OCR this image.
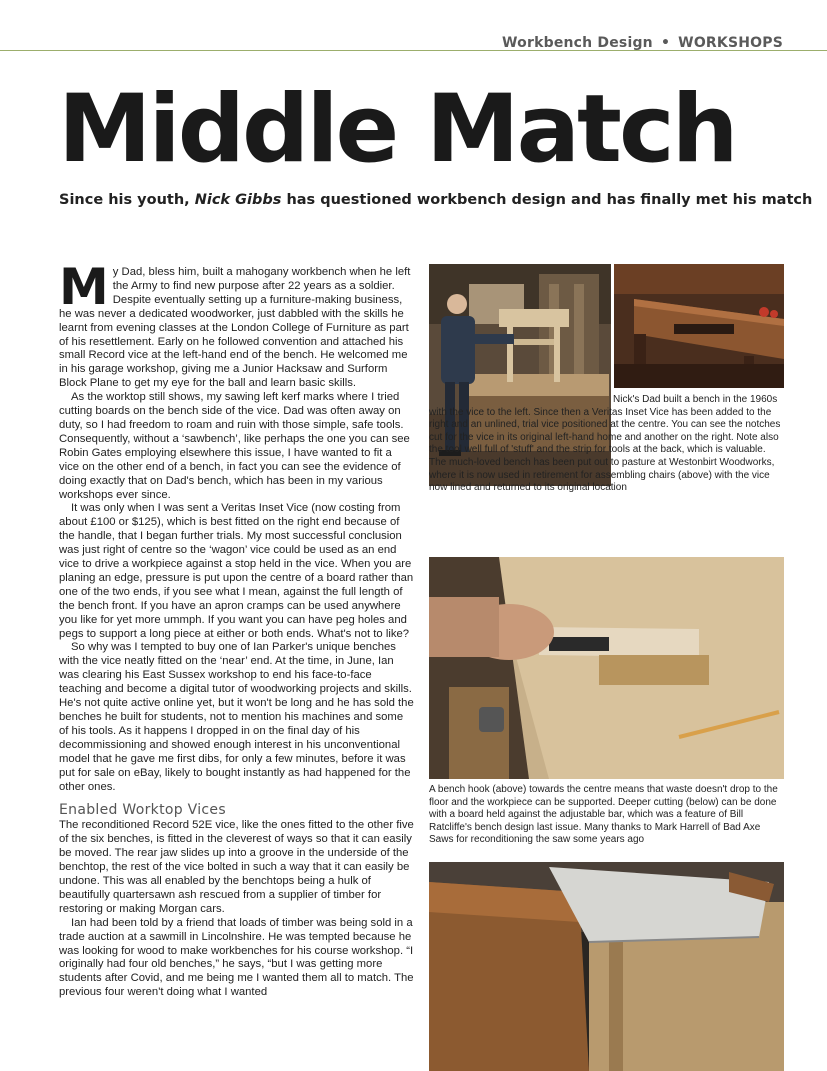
Workbench Design • WORKSHOPS
Middle Match
Since his youth, Nick Gibbs has questioned workbench design and has finally met his match
M y Dad, bless him, built a mahogany workbench when he left the Army to find new purpose after 22 years as a soldier. Despite eventually setting up a furniture-making business, he was never a dedicated woodworker, just dabbled with the skills he learnt from evening classes at the London College of Furniture as part of his resettlement. Early on he followed convention and attached his small Record vice at the left-hand end of the bench. He welcomed me in his garage workshop, giving me a Junior Hacksaw and Surform Block Plane to get my eye for the ball and learn basic skills.

As the worktop still shows, my sawing left kerf marks where I tried cutting boards on the bench side of the vice. Dad was often away on duty, so I had freedom to roam and ruin with those simple, safe tools. Consequently, without a ‘sawbench’, like perhaps the one you can see Robin Gates employing elsewhere this issue, I have wanted to fit a vice on the other end of a bench, in fact you can see the evidence of doing exactly that on Dad's bench, which has been in my various workshops ever since.

It was only when I was sent a Veritas Inset Vice (now costing from about £100 or $125), which is best fitted on the right end because of the handle, that I began further trials. My most successful conclusion was just right of centre so the ‘wagon’ vice could be used as an end vice to drive a workpiece against a stop held in the vice. When you are planing an edge, pressure is put upon the centre of a board rather than one of the two ends, if you see what I mean, against the full length of the bench front. If you have an apron cramps can be used anywhere you like for yet more ummph. If you want you can have peg holes and pegs to support a long piece at either or both ends. What's not to like?

So why was I tempted to buy one of Ian Parker's unique benches with the vice neatly fitted on the ‘near’ end. At the time, in June, Ian was clearing his East Sussex workshop to end his face-to-face teaching and become a digital tutor of woodworking projects and skills. He's not quite active online yet, but it won't be long and he has sold the benches he built for students, not to mention his machines and some of his tools. As it happens I dropped in on the final day of his decommissioning and showed enough interest in his unconventional model that he gave me first dibs, for only a few minutes, before it was put for sale on eBay, likely to bought instantly as had happened for the other ones.

Enabled Worktop Vices

The reconditioned Record 52E vice, like the ones fitted to the other five of the six benches, is fitted in the cleverest of ways so that it can easily be moved. The rear jaw slides up into a groove in the underside of the benchtop, the rest of the vice bolted in such a way that it can easily be undone. This was all enabled by the benchtops being a hulk of beautifully quartersawn ash rescued from a supplier of timber for restoring or making Morgan cars.

Ian had been told by a friend that loads of timber was being sold in a trade auction at a sawmill in Lincolnshire. He was tempted because he was looking for wood to make workbenches for his course workshop. “I originally had four old benches,” he says, “but I was getting more students after Covid, and me being me I wanted them all to match. The previous four weren't doing what I wanted

Nick's Dad built a bench in the 1960s with the vice to the left. Since then a Veritas Inset Vice has been added to the right and an unlined, trial vice positioned at the centre. You can see the notches cut for the vice in its original left-hand home and another on the right. Note also the tool well full of 'stuff' and the strip for tools at the back, which is valuable. The much-loved bench has been put out to pasture at Westonbirt Woodworks, where it is now used in retirement for assembling chairs (above) with the vice now lined and returned to its original location
A bench hook (above) towards the centre means that waste doesn't drop to the floor and the workpiece can be supported. Deeper cutting (below) can be done with a board held against the adjustable bar, which was a feature of Bill Ratcliffe's bench design last issue. Many thanks to Mark Harrell of Bad Axe Saws for reconditioning the saw some years ago
